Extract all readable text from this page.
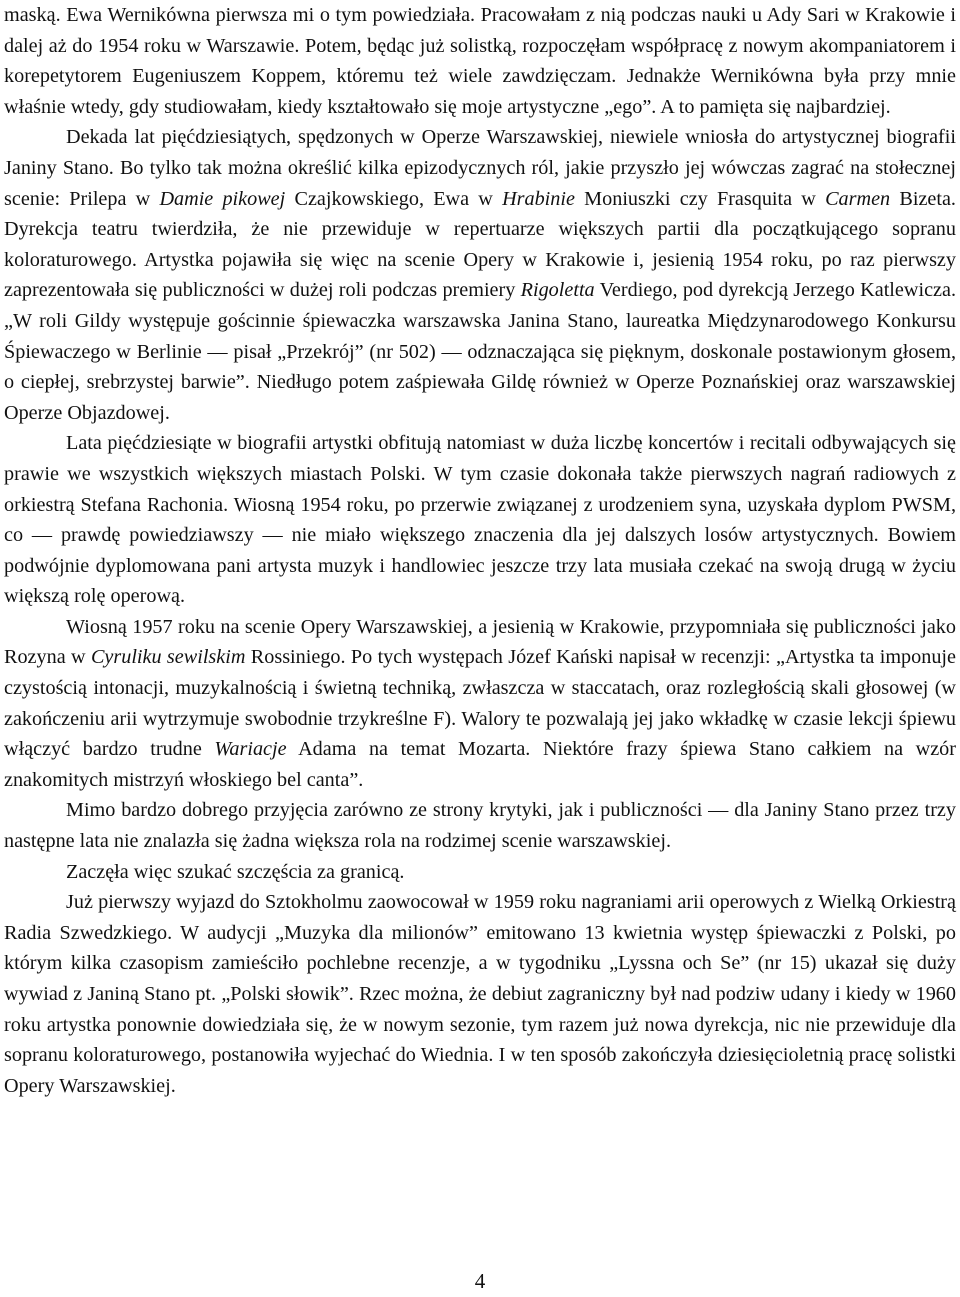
maską. Ewa Wernikówna pierwsza mi o tym powiedziała. Pracowałam z nią podczas nauki u Ady Sari w Krakowie i dalej aż do 1954 roku w Warszawie. Potem, będąc już solistką, rozpoczęłam współpracę z nowym akompaniatorem i korepetytorem Eugeniuszem Koppem, któremu też wiele zawdzięczam. Jednakże Wernikówna była przy mnie właśnie wtedy, gdy studiowałam, kiedy kształtowało się moje artystyczne „ego”. A to pamięta się najbardziej.

Dekada lat pięćdziesiątych, spędzonych w Operze Warszawskiej, niewiele wniosła do artystycznej biografii Janiny Stano. Bo tylko tak można określić kilka epizodycznych ról, jakie przyszło jej wówczas zagrać na stołecznej scenie: Prilepa w Damie pikowej Czajkowskiego, Ewa w Hrabinie Moniuszki czy Frasquita w Carmen Bizeta. Dyrekcja teatru twierdziła, że nie przewiduje w repertuarze większych partii dla początkującego sopranu koloraturowego. Artystka pojawiła się więc na scenie Opery w Krakowie i, jesienią 1954 roku, po raz pierwszy zaprezentowała się publiczności w dużej roli podczas premiery Rigoletta Verdiego, pod dyrekcją Jerzego Katlewicza. „W roli Gildy występuje gościnnie śpiewaczka warszawska Janina Stano, laureatka Międzynarodowego Konkursu Śpiewaczego w Berlinie — pisał „Przekrój” (nr 502) — odznaczająca się pięknym, doskonale postawionym głosem, o ciepłej, srebrzystej barwie”. Niedługo potem zaśpiewała Gildę również w Operze Poznańskiej oraz warszawskiej Operze Objazdowej.

Lata pięćdziesiąte w biografii artystki obfitują natomiast w duża liczbę koncertów i recitali odbywających się prawie we wszystkich większych miastach Polski. W tym czasie dokonała także pierwszych nagrań radiowych z orkiestrą Stefana Rachonia. Wiosną 1954 roku, po przerwie związanej z urodzeniem syna, uzyskała dyplom PWSM, co — prawdę powiedziawszy — nie miało większego znaczenia dla jej dalszych losów artystycznych. Bowiem podwójnie dyplomowana pani artysta muzyk i handlowiec jeszcze trzy lata musiała czekać na swoją drugą w życiu większą rolę operową.

Wiosną 1957 roku na scenie Opery Warszawskiej, a jesienią w Krakowie, przypomniała się publiczności jako Rozyna w Cyruliku sewilskim Rossiniego. Po tych występach Józef Kański napisał w recenzji: „Artystka ta imponuje czystością intonacji, muzykalnością i świetną techniką, zwłaszcza w staccatach, oraz rozległością skali głosowej (w zakończeniu arii wytrzymuje swobodnie trzykreślne F). Walory te pozwalają jej jako wkładkę w czasie lekcji śpiewu włączyć bardzo trudne Wariacje Adama na temat Mozarta. Niektóre frazy śpiewa Stano całkiem na wzór znakomitych mistrzyń włoskiego bel canta”.

Mimo bardzo dobrego przyjęcia zarówno ze strony krytyki, jak i publiczności — dla Janiny Stano przez trzy następne lata nie znalazła się żadna większa rola na rodzimej scenie warszawskiej.

Zaczęła więc szukać szczęścia za granicą.

Już pierwszy wyjazd do Sztokholmu zaowocował w 1959 roku nagraniami arii operowych z Wielką Orkiestrą Radia Szwedzkiego. W audycji „Muzyka dla milionów” emitowano 13 kwietnia występ śpiewaczki z Polski, po którym kilka czasopism zamieściło pochlebne recenzje, a w tygodniku „Lyssna och Se” (nr 15) ukazał się duży wywiad z Janiną Stano pt. „Polski słowik”. Rzec można, że debiut zagraniczny był nad podziw udany i kiedy w 1960 roku artystka ponownie dowiedziała się, że w nowym sezonie, tym razem już nowa dyrekcja, nic nie przewiduje dla sopranu koloraturowego, postanowiła wyjechać do Wiednia. I w ten sposób zakończyła dziesięcioletnią pracę solistki Opery Warszawskiej.

4
